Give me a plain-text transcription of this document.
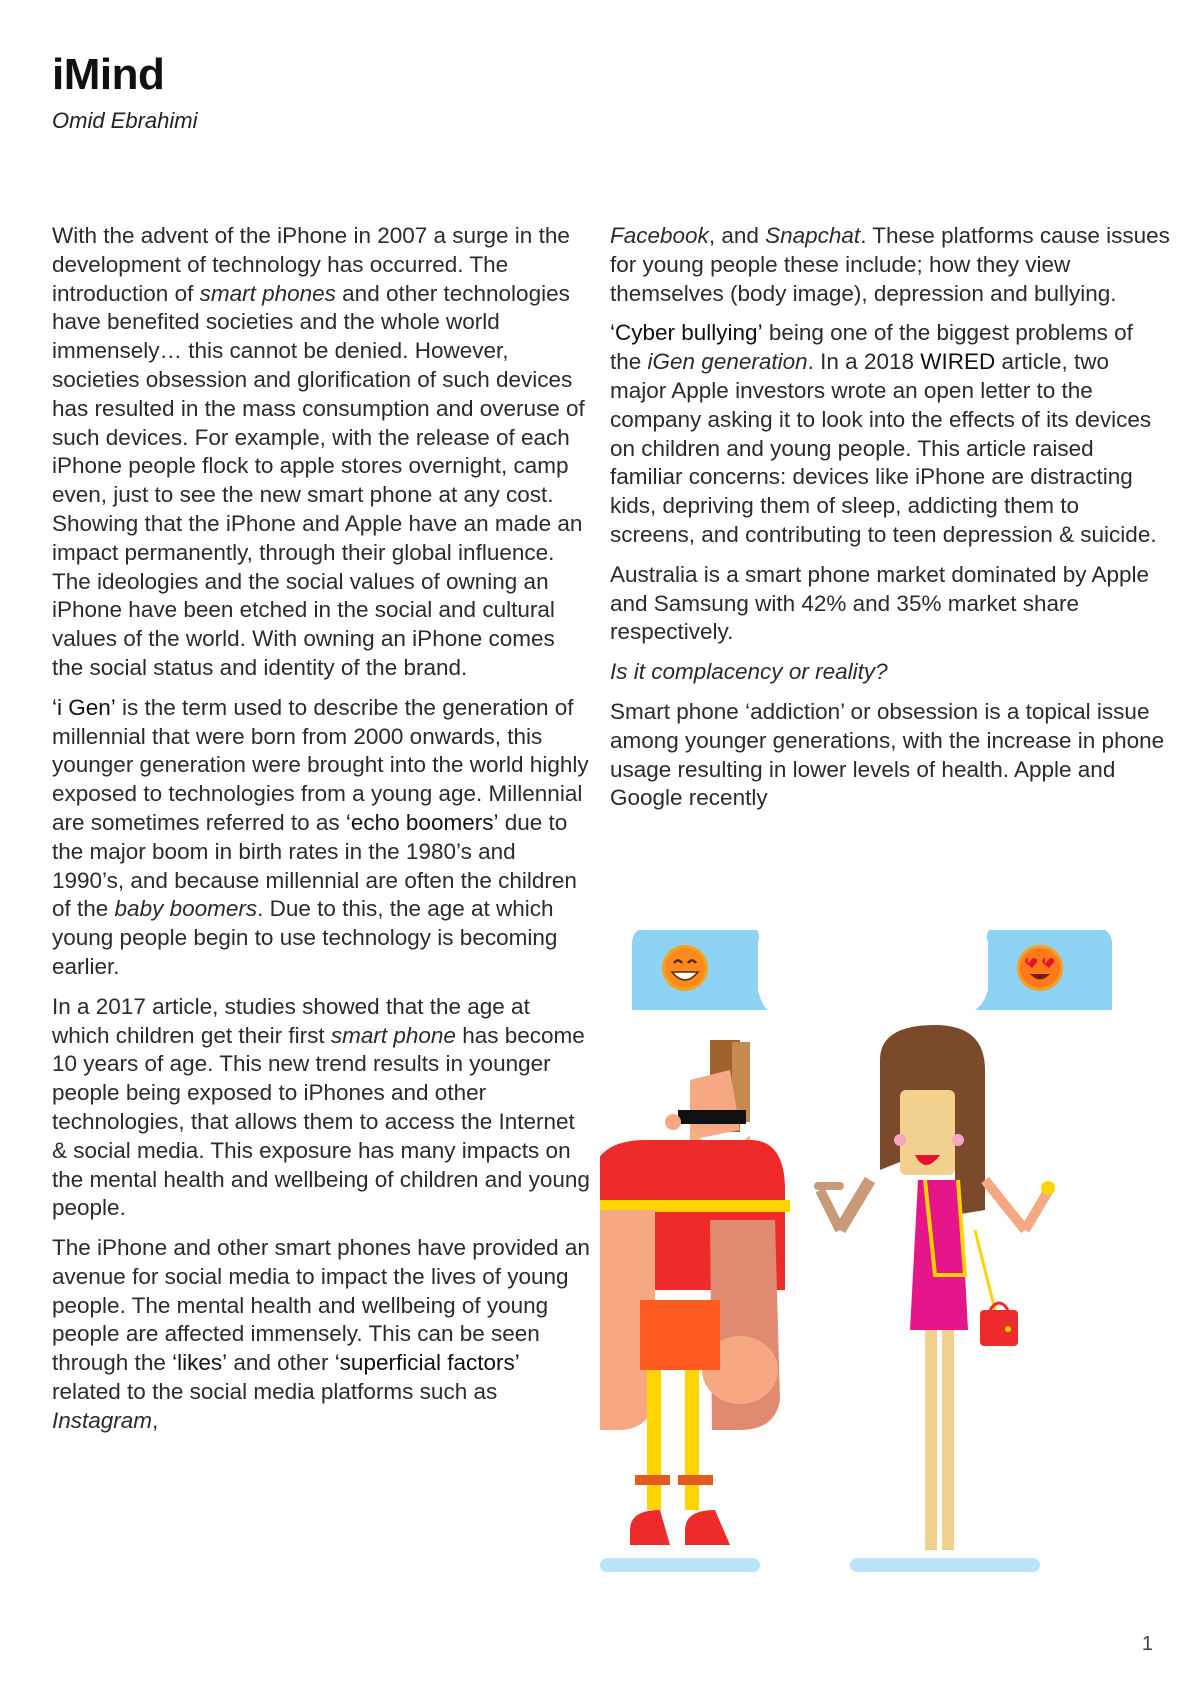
iMind
Omid Ebrahimi

With the advent of the iPhone in 2007 a surge in the development of technology has occurred. The introduction of smart phones and other technologies have benefited societies and the whole world immensely… this cannot be denied. However, societies obsession and glorification of such devices has resulted in the mass consumption and overuse of such devices. For example, with the release of each iPhone people flock to apple stores overnight, camp even, just to see the new smart phone at any cost. Showing that the iPhone and Apple have an made an impact permanently, through their global influence. The ideologies and the social values of owning an iPhone have been etched in the social and cultural values of the world. With owning an iPhone comes the social status and identity of the brand.

‘i Gen’ is the term used to describe the generation of millennial that were born from 2000 onwards, this younger generation were brought into the world highly exposed to technologies from a young age. Millennial are sometimes referred to as ‘echo boomers’ due to the major boom in birth rates in the 1980’s and 1990’s, and because millennial are often the children of the baby boomers. Due to this, the age at which young people begin to use technology is becoming earlier.

In a 2017 article, studies showed that the age at which children get their first smart phone has become 10 years of age. This new trend results in younger people being exposed to iPhones and other technologies, that allows them to access the Internet & social media. This exposure has many impacts on the mental health and wellbeing of children and young people.

The iPhone and other smart phones have provided an avenue for social media to impact the lives of young people. The mental health and wellbeing of young people are affected immensely. This can be seen through the ‘likes’ and other ‘superficial factors’ related to the social media platforms such as Instagram,

Facebook, and Snapchat. These platforms cause issues for young people these include; how they view themselves (body image), depression and bullying.

‘Cyber bullying’ being one of the biggest problems of the iGen generation. In a 2018 WIRED article, two major Apple investors wrote an open letter to the company asking it to look into the effects of its devices on children and young people. This article raised familiar concerns: devices like iPhone are distracting kids, depriving them of sleep, addicting them to screens, and contributing to teen depression & suicide.

Australia is a smart phone market dominated by Apple and Samsung with 42% and 35% market share respectively.

Is it complacency or reality?

Smart phone ‘addiction’ or obsession is a topical issue among younger generations, with the increase in phone usage resulting in lower levels of health. Apple and Google recently

1
